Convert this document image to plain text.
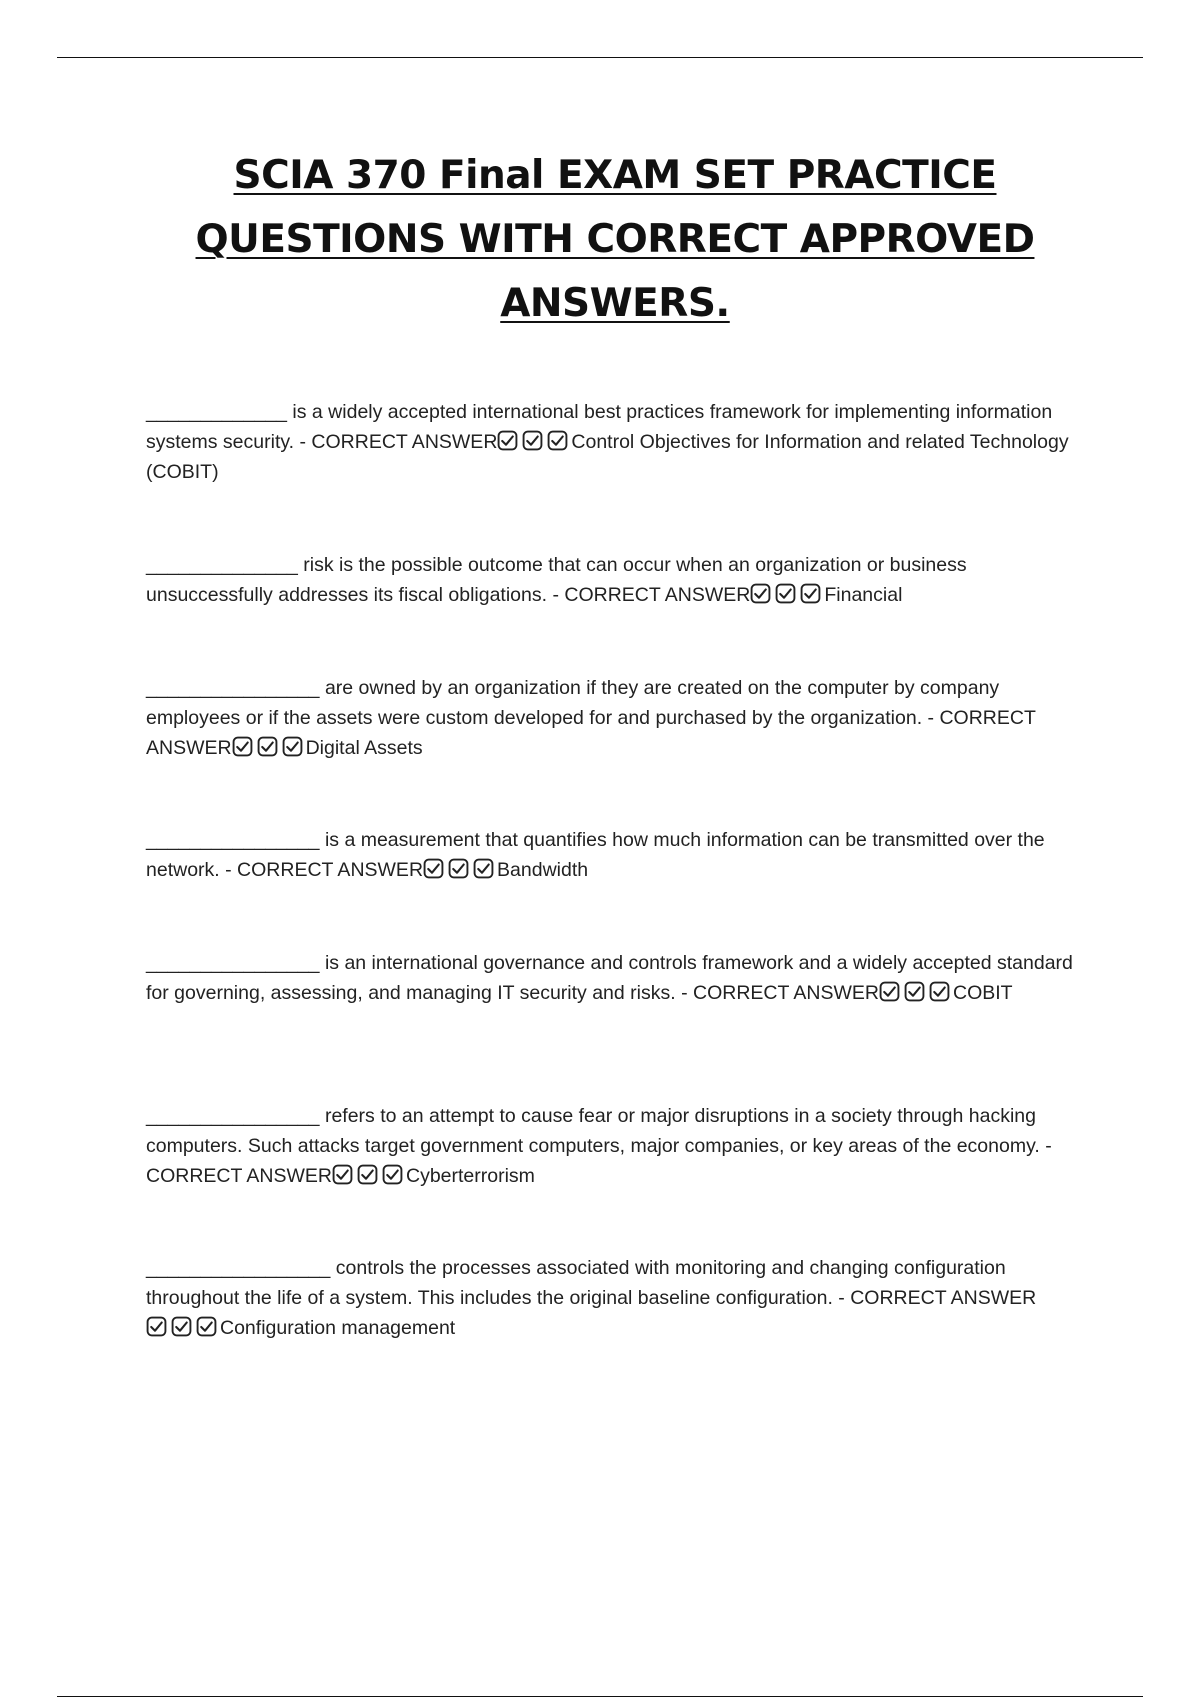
SCIA 370 Final EXAM SET PRACTICE
QUESTIONS WITH CORRECT APPROVED
ANSWERS.
_____________ is a widely accepted international best practices framework for implementing information systems security. - CORRECT ANSWER	Control Objectives for Information and related Technology (COBIT)
______________ risk is the possible outcome that can occur when an organization or business unsuccessfully addresses its fiscal obligations. - CORRECT ANSWER	Financial
________________ are owned by an organization if they are created on the computer by company employees or if the assets were custom developed for and purchased by the organization. - CORRECT ANSWER	Digital Assets
________________ is a measurement that quantifies how much information can be transmitted over the network. - CORRECT ANSWER	Bandwidth
________________ is an international governance and controls framework and a widely accepted standard for governing, assessing, and managing IT security and risks. - CORRECT ANSWER	COBIT
________________ refers to an attempt to cause fear or major disruptions in a society through hacking computers. Such attacks target government computers, major companies, or key areas of the economy. - CORRECT ANSWER	Cyberterrorism
_________________ controls the processes associated with monitoring and changing configuration throughout the life of a system. This includes the original baseline configuration. - CORRECT ANSWERConfiguration management
